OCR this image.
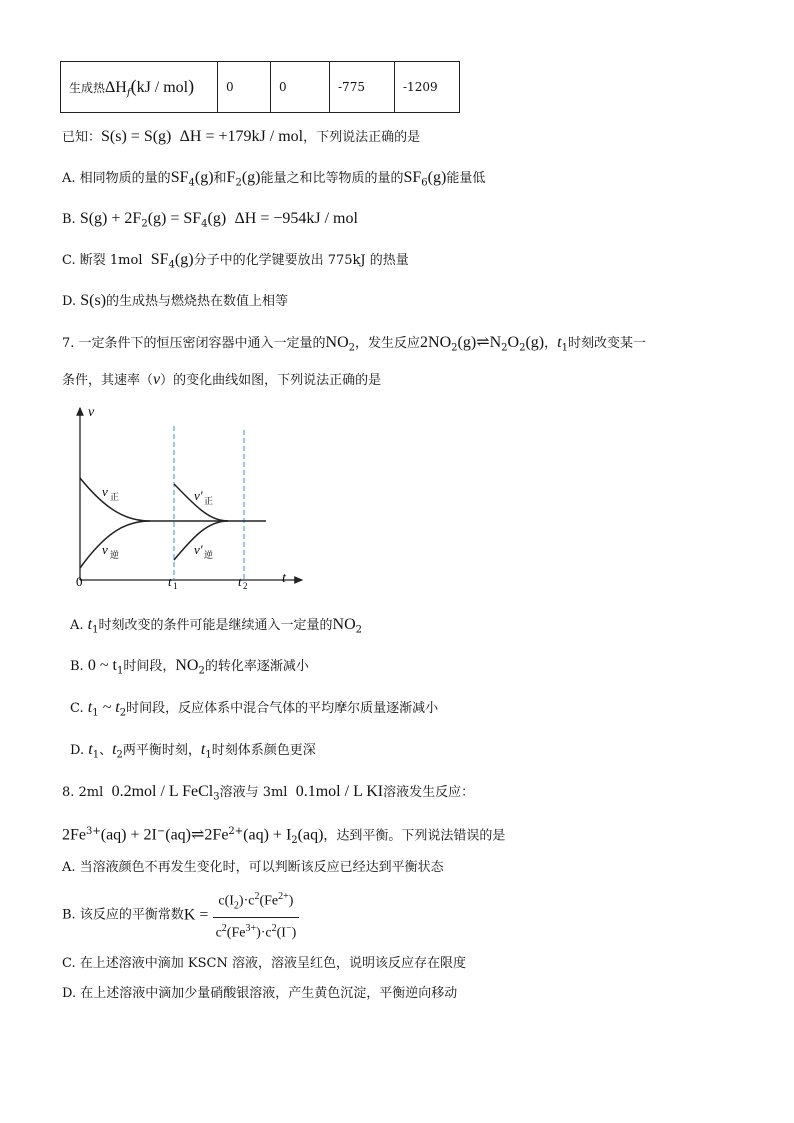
生成热$\Delta H_f(kJ / mol)$	0	0	-775	-1209
已知：S(s) = S(g) ΔH = +179kJ / mol，下列说法正确的是
A. 相同物质的量的$SF_4(g)$和$F_2(g)$能量之和比等物质的量的$SF_6(g)$能量低
B. $S(g) + 2F_2(g) = SF_4(g) \Delta H = -954kJ$ / mol
C. 断裂 1mol $SF_4(g)$分子中的化学键要放出 775kJ 的热量
D. S(s)的生成热与燃烧热在数值上相等
7. 一定条件下的恒压密闭容器中通入一定量的$NO_2$，发生反应$2NO_2(g)\rightleftharpoons N_2O_2(g)$，$t_1$时刻改变某一
条件，其速率（v）的变化曲线如图，下列说法正确的是
v
t
0
v 正
v 逆
v′ 正
v′ 逆
t 1	t 2
A. $t_1$时刻改变的条件可能是继续通入一定量的$NO_2$
B. 0 ~ $t_1$时间段，$NO_2$的转化率逐渐减小
C. $t_1$ ~ $t_2$时间段，反应体系中混合气体的平均摩尔质量逐渐减小
D. $t_1$、$t_2$两平衡时刻，$t_1$时刻体系颜色更深
8. 2ml 0.2mol / L FeCl$_3$溶液与 3ml 0.1mol / L KI溶液发生反应：
$2Fe^{3+}(aq)$ + $2I^-(aq)\rightleftharpoons 2Fe^{2+}(aq) + I_2(aq)$，达到平衡。下列说法错误的是
A. 当溶液颜色不再发生变化时，可以判断该反应已经达到平衡状态
B. 该反应的平衡常数$K = \frac{c(I_2)\cdot c^2(Fe^{2+})}{c^2(Fe^{3+})\cdot c^2(I^-)}$
C. 在上述溶液中滴加 KSCN 溶液，溶液呈红色，说明该反应存在限度
D. 在上述溶液中滴加少量硝酸银溶液，产生黄色沉淀，平衡逆向移动
